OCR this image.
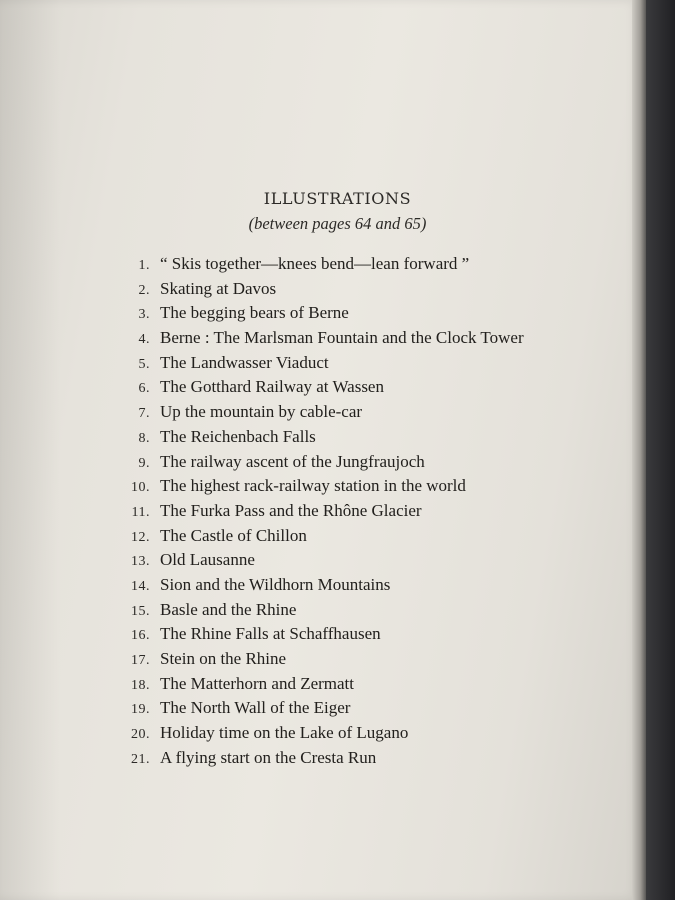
ILLUSTRATIONS
(between pages 64 and 65)
1. “ Skis together—knees bend—lean forward ”
2. Skating at Davos
3. The begging bears of Berne
4. Berne : The Marlsman Fountain and the Clock Tower
5. The Landwasser Viaduct
6. The Gotthard Railway at Wassen
7. Up the mountain by cable-car
8. The Reichenbach Falls
9. The railway ascent of the Jungfraujoch
10. The highest rack-railway station in the world
11. The Furka Pass and the Rhône Glacier
12. The Castle of Chillon
13. Old Lausanne
14. Sion and the Wildhorn Mountains
15. Basle and the Rhine
16. The Rhine Falls at Schaffhausen
17. Stein on the Rhine
18. The Matterhorn and Zermatt
19. The North Wall of the Eiger
20. Holiday time on the Lake of Lugano
21. A flying start on the Cresta Run
